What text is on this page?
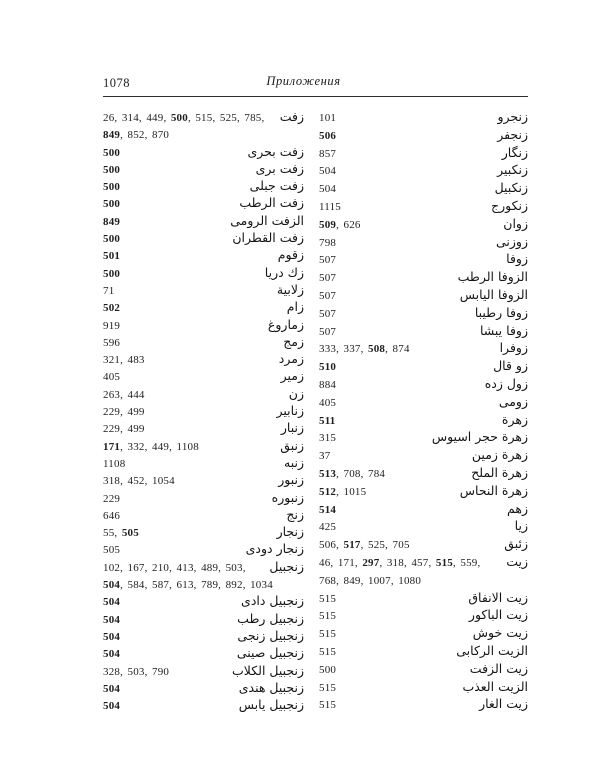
1078	Приложения
زفت
26, 314, 449, 500, 515, 525, 785, 849, 852, 870
زفت بحرى
500
زفت برى
500
زفت جبلى
500
زفت الرطب
500
الزفت الرومى
849
زفت القطران
500
زقوم
501
زك دريا
500
زلابية
71
زام
502
زماروغ
919
زمج
596
زمرد
321, 483
زمير
405
زن
263, 444
زنابير
229, 499
زنبار
229, 499
زنبق
171, 332, 449, 1108
زنبه
1108
زنبور
318, 452, 1054
زنبوره
229
زنج
646
زنجار
55, 505
زنجار دودى
505
زنجبيل
102, 167, 210, 413, 489, 503, 504, 584, 587, 613, 789, 892, 1034
زنجبيل دادى
504
زنجبيل رطب
504
زنجبيل زنجى
504
زنجبيل صينى
504
زنجبيل الكلاب
328, 503, 790
زنجبيل هندى
504
زنجبيل يابس
504
زنجرو
101
زنجفر
506
زنگار
857
زنكبير
504
زنكبيل
504
زنكورج
1115
زوان
509, 626
زوزنى
798
زوفا
507
الزوفا الرطب
507
الزوفا اليابس
507
زوفا رطيبا
507
زوفا يبشا
507
زوفرا
333, 337, 508, 874
زو قال
510
زول زده
884
زومى
405
زهرة
511
زهرة حجر اسيوس
315
زهرة زمين
37
زهرة الملح
513, 708, 784
زهرة النحاس
512, 1015
زهم
514
زيا
425
زئبق
506, 517, 525, 705
زيت
46, 171, 297, 318, 457, 515, 559, 768, 849, 1007, 1080
زيت الانفاق
515
زيت الباكور
515
زيت خوش
515
الزيت الركابى
515
زيت الزفت
500
الزيت العذب
515
زيت الغار
515
